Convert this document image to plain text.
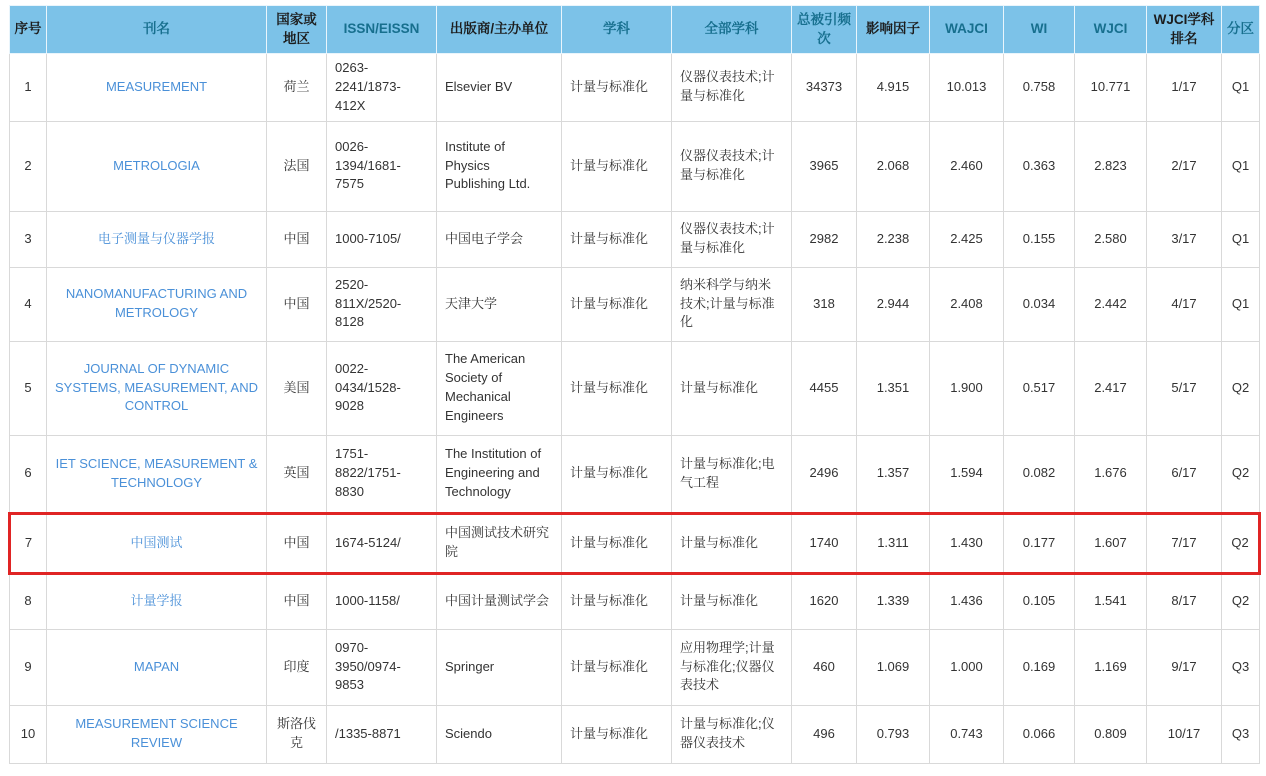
序号	刊名	国家或地区	ISSN/EISSN	出版商/主办单位	学科	全部学科	总被引频次	影响因子	WAJCI	WI	WJCI	WJCI学科排名	分区
1	MEASUREMENT	荷兰	0263-2241/1873-412X	Elsevier BV	计量与标准化	仪器仪表技术;计量与标准化	34373	4.915	10.013	0.758	10.771	1/17	Q1
2	METROLOGIA	法国	0026-1394/1681-7575	Institute of Physics Publishing Ltd.	计量与标准化	仪器仪表技术;计量与标准化	3965	2.068	2.460	0.363	2.823	2/17	Q1
3	电子测量与仪器学报	中国	1000-7105/	中国电子学会	计量与标准化	仪器仪表技术;计量与标准化	2982	2.238	2.425	0.155	2.580	3/17	Q1
4	NANOMANUFACTURING AND METROLOGY	中国	2520-811X/2520-8128	天津大学	计量与标准化	纳米科学与纳米技术;计量与标准化	318	2.944	2.408	0.034	2.442	4/17	Q1
5	JOURNAL OF DYNAMIC SYSTEMS, MEASUREMENT, AND CONTROL	美国	0022-0434/1528-9028	The American Society of Mechanical Engineers	计量与标准化	计量与标准化	4455	1.351	1.900	0.517	2.417	5/17	Q2
6	IET SCIENCE, MEASUREMENT & TECHNOLOGY	英国	1751-8822/1751-8830	The Institution of Engineering and Technology	计量与标准化	计量与标准化;电气工程	2496	1.357	1.594	0.082	1.676	6/17	Q2
7	中国测试	中国	1674-5124/	中国测试技术研究院	计量与标准化	计量与标准化	1740	1.311	1.430	0.177	1.607	7/17	Q2
8	计量学报	中国	1000-1158/	中国计量测试学会	计量与标准化	计量与标准化	1620	1.339	1.436	0.105	1.541	8/17	Q2
9	MAPAN	印度	0970-3950/0974-9853	Springer	计量与标准化	应用物理学;计量与标准化;仪器仪表技术	460	1.069	1.000	0.169	1.169	9/17	Q3
10	MEASUREMENT SCIENCE REVIEW	斯洛伐克	/1335-8871	Sciendo	计量与标准化	计量与标准化;仪器仪表技术	496	0.793	0.743	0.066	0.809	10/17	Q3
